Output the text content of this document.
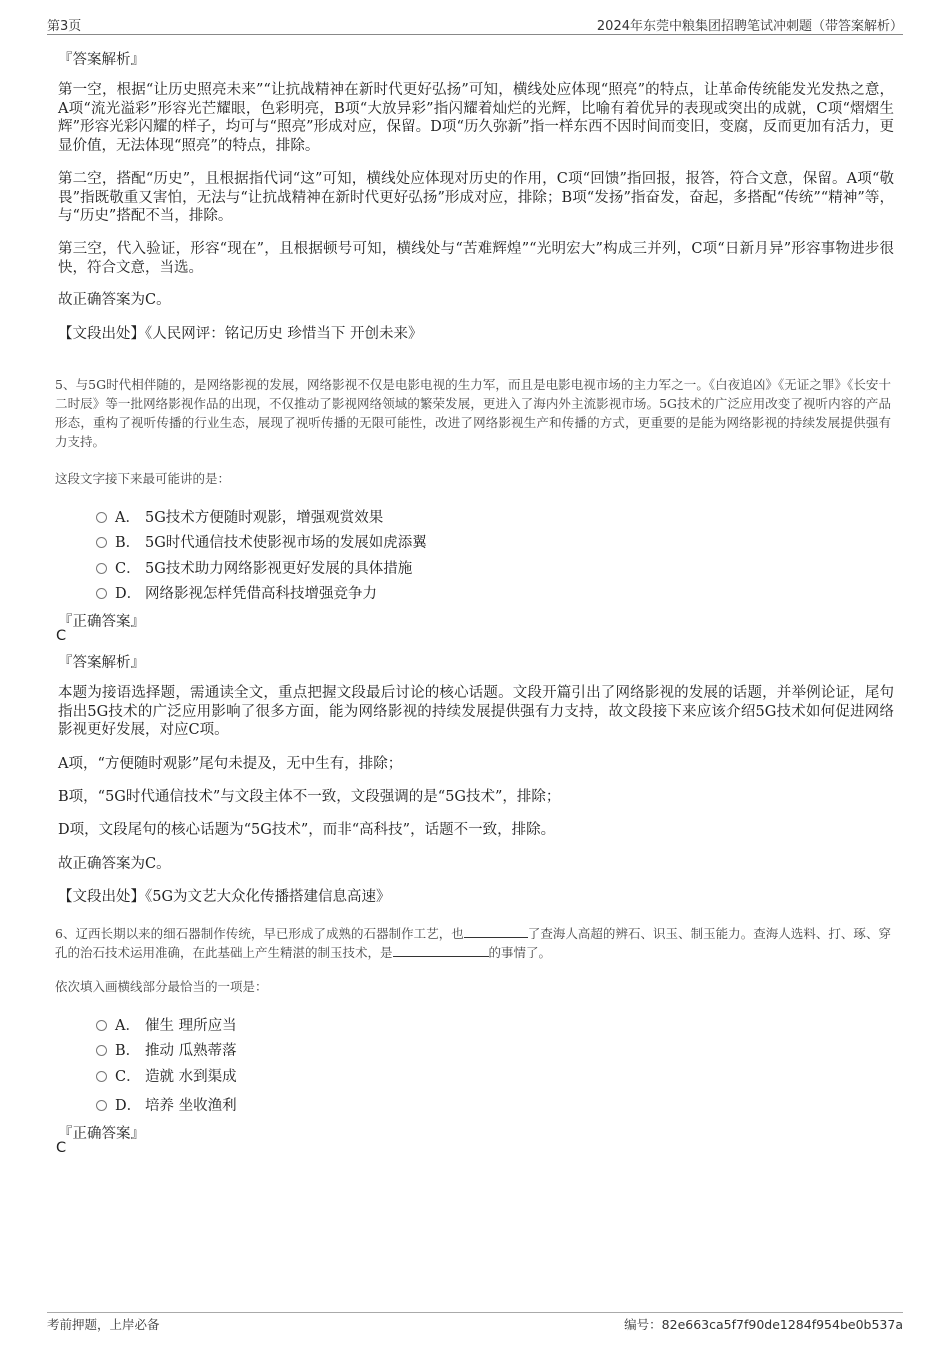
第3页	2024年东莞中粮集团招聘笔试冲刺题（带答案解析）
『答案解析』
第一空，根据“让历史照亮未来”“让抗战精神在新时代更好弘扬”可知，横线处应体现“照亮”的特点，让革命传统能发光发热之意，A项“流光溢彩”形容光芒耀眼，色彩明亮，B项“大放异彩”指闪耀着灿烂的光辉，比喻有着优异的表现或突出的成就，C项“熠熠生辉”形容光彩闪耀的样子，均可与“照亮”形成对应，保留。D项“历久弥新”指一样东西不因时间而变旧，变腐，反而更加有活力，更显价值，无法体现“照亮”的特点，排除。
第二空，搭配“历史”，且根据指代词“这”可知，横线处应体现对历史的作用，C项“回馈”指回报，报答，符合文意，保留。A项“敬畏”指既敬重又害怕，无法与“让抗战精神在新时代更好弘扬”形成对应，排除；B项“发扬”指奋发，奋起，多搭配“传统”“精神”等，与“历史”搭配不当，排除。
第三空，代入验证，形容“现在”，且根据顿号可知，横线处与“苦难辉煌”“光明宏大”构成三并列，C项“日新月异”形容事物进步很快，符合文意，当选。
故正确答案为C。
【文段出处】《人民网评：铭记历史 珍惜当下 开创未来》
5、与5G时代相伴随的，是网络影视的发展，网络影视不仅是电影电视的生力军，而且是电影电视市场的主力军之一。《白夜追凶》《无证之罪》《长安十二时辰》等一批网络影视作品的出现，不仅推动了影视网络领域的繁荣发展，更进入了海内外主流影视市场。5G技术的广泛应用改变了视听内容的产品形态，重构了视听传播的行业生态，展现了视听传播的无限可能性，改进了网络影视生产和传播的方式，更重要的是能为网络影视的持续发展提供强有力支持。
这段文字接下来最可能讲的是：
A． 5G技术方便随时观影，增强观赏效果
B． 5G时代通信技术使影视市场的发展如虎添翼
C． 5G技术助力网络影视更好发展的具体措施
D． 网络影视怎样凭借高科技增强竞争力
『正确答案』
C
『答案解析』
本题为接语选择题，需通读全文，重点把握文段最后讨论的核心话题。文段开篇引出了网络影视的发展的话题，并举例论证，尾句指出5G技术的广泛应用影响了很多方面，能为网络影视的持续发展提供强有力支持，故文段接下来应该介绍5G技术如何促进网络影视更好发展，对应C项。
A项，“方便随时观影”尾句未提及，无中生有，排除；
B项，“5G时代通信技术”与文段主体不一致，文段强调的是“5G技术”，排除；
D项，文段尾句的核心话题为“5G技术”，而非“高科技”，话题不一致，排除。
故正确答案为C。
【文段出处】《5G为文艺大众化传播搭建信息高速》
6、辽西长期以来的细石器制作传统，早已形成了成熟的石器制作工艺，也	了查海人高超的辨石、识玉、制玉能力。查海人选料、打、琢、穿孔的治石技术运用准确，在此基础上产生精湛的制玉技术，是	的事情了。
依次填入画横线部分最恰当的一项是：
A． 催生 理所应当
B． 推动 瓜熟蒂落
C． 造就 水到渠成
D． 培养 坐收渔利
『正确答案』
C
考前押题，上岸必备	编号：82e663ca5f7f90de1284f954be0b537a
